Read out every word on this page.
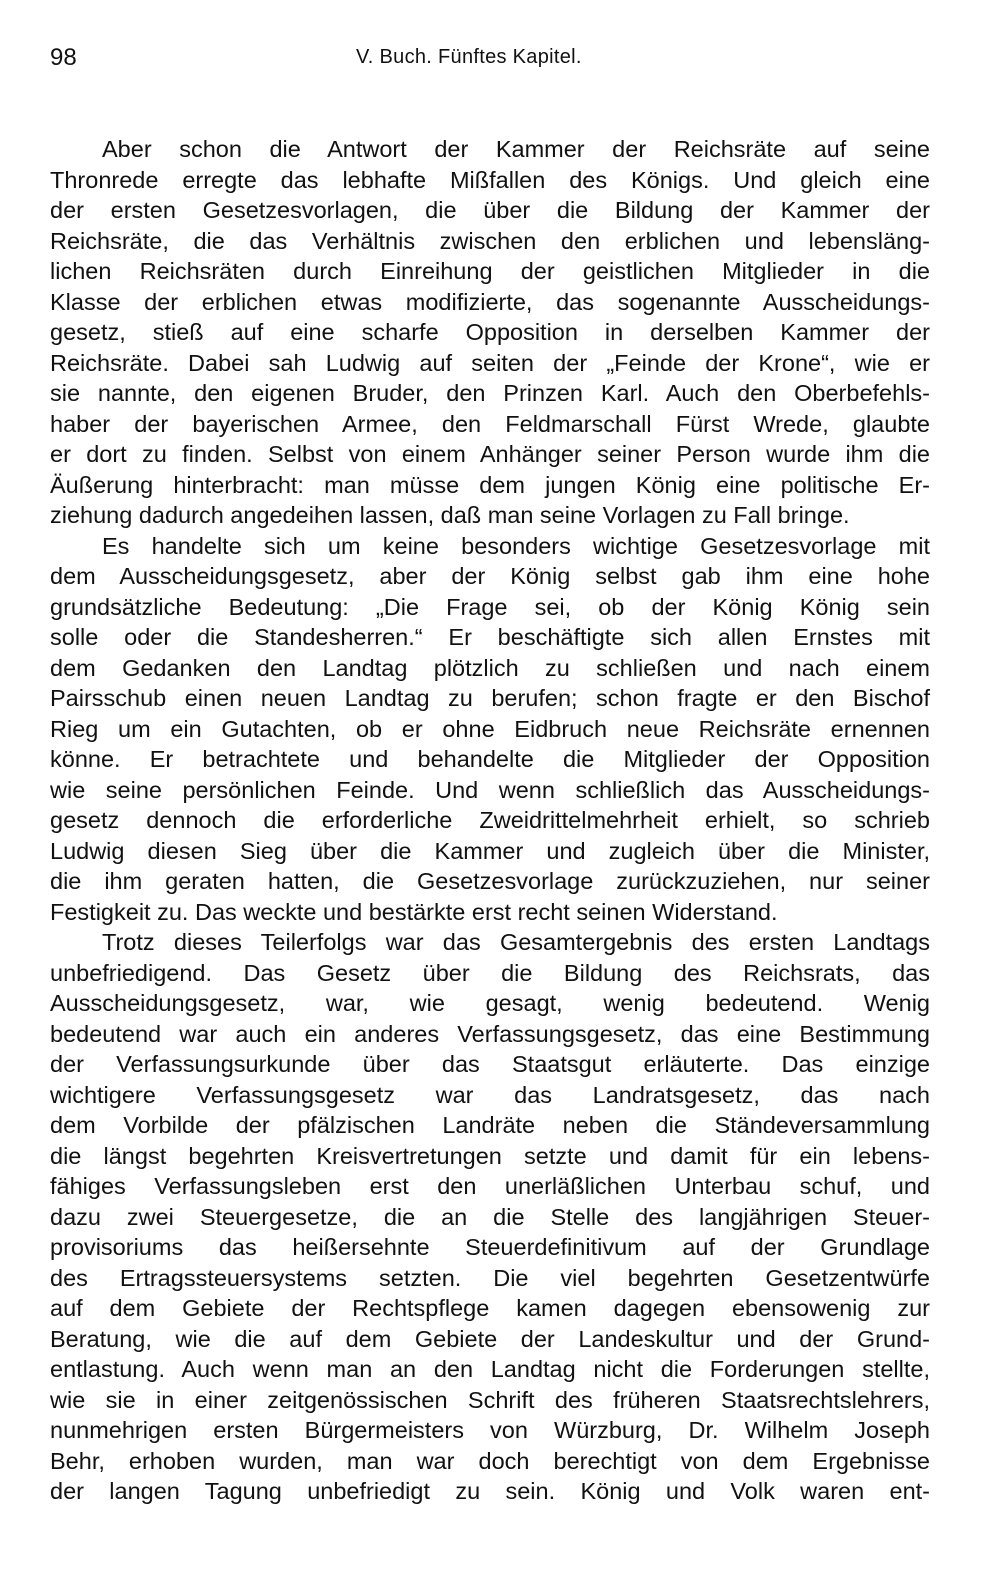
98	V. Buch. Fünftes Kapitel.
Aber schon die Antwort der Kammer der Reichsräte auf seine
Thronrede erregte das lebhafte Mißfallen des Königs. Und gleich eine
der ersten Gesetzesvorlagen, die über die Bildung der Kammer der
Reichsräte, die das Verhältnis zwischen den erblichen und lebensläng-
lichen Reichsräten durch Einreihung der geistlichen Mitglieder in die
Klasse der erblichen etwas modifizierte, das sogenannte Ausscheidungs-
gesetz, stieß auf eine scharfe Opposition in derselben Kammer der
Reichsräte. Dabei sah Ludwig auf seiten der „Feinde der Krone“, wie er
sie nannte, den eigenen Bruder, den Prinzen Karl. Auch den Oberbefehls-
haber der bayerischen Armee, den Feldmarschall Fürst Wrede, glaubte
er dort zu finden. Selbst von einem Anhänger seiner Person wurde ihm die
Äußerung hinterbracht: man müsse dem jungen König eine politische Er-
ziehung dadurch angedeihen lassen, daß man seine Vorlagen zu Fall bringe.
Es handelte sich um keine besonders wichtige Gesetzesvorlage mit
dem Ausscheidungsgesetz, aber der König selbst gab ihm eine hohe
grundsätzliche Bedeutung: „Die Frage sei, ob der König König sein
solle oder die Standesherren.“ Er beschäftigte sich allen Ernstes mit
dem Gedanken den Landtag plötzlich zu schließen und nach einem
Pairsschub einen neuen Landtag zu berufen; schon fragte er den Bischof
Rieg um ein Gutachten, ob er ohne Eidbruch neue Reichsräte ernennen
könne. Er betrachtete und behandelte die Mitglieder der Opposition
wie seine persönlichen Feinde. Und wenn schließlich das Ausscheidungs-
gesetz dennoch die erforderliche Zweidrittelmehrheit erhielt, so schrieb
Ludwig diesen Sieg über die Kammer und zugleich über die Minister,
die ihm geraten hatten, die Gesetzesvorlage zurückzuziehen, nur seiner
Festigkeit zu. Das weckte und bestärkte erst recht seinen Widerstand.
Trotz dieses Teilerfolgs war das Gesamtergebnis des ersten Landtags
unbefriedigend. Das Gesetz über die Bildung des Reichsrats, das
Ausscheidungsgesetz, war, wie gesagt, wenig bedeutend. Wenig
bedeutend war auch ein anderes Verfassungsgesetz, das eine Bestimmung
der Verfassungsurkunde über das Staatsgut erläuterte. Das einzige
wichtigere Verfassungsgesetz war das Landratsgesetz, das nach
dem Vorbilde der pfälzischen Landräte neben die Ständeversammlung
die längst begehrten Kreisvertretungen setzte und damit für ein lebens-
fähiges Verfassungsleben erst den unerläßlichen Unterbau schuf, und
dazu zwei Steuergesetze, die an die Stelle des langjährigen Steuer-
provisoriums das heißersehnte Steuerdefinitivum auf der Grundlage
des Ertragssteuersystems setzten. Die viel begehrten Gesetzentwürfe
auf dem Gebiete der Rechtspflege kamen dagegen ebensowenig zur
Beratung, wie die auf dem Gebiete der Landeskultur und der Grund-
entlastung. Auch wenn man an den Landtag nicht die Forderungen stellte,
wie sie in einer zeitgenössischen Schrift des früheren Staatsrechtslehrers,
nunmehrigen ersten Bürgermeisters von Würzburg, Dr. Wilhelm Joseph
Behr, erhoben wurden, man war doch berechtigt von dem Ergebnisse
der langen Tagung unbefriedigt zu sein. König und Volk waren ent-
